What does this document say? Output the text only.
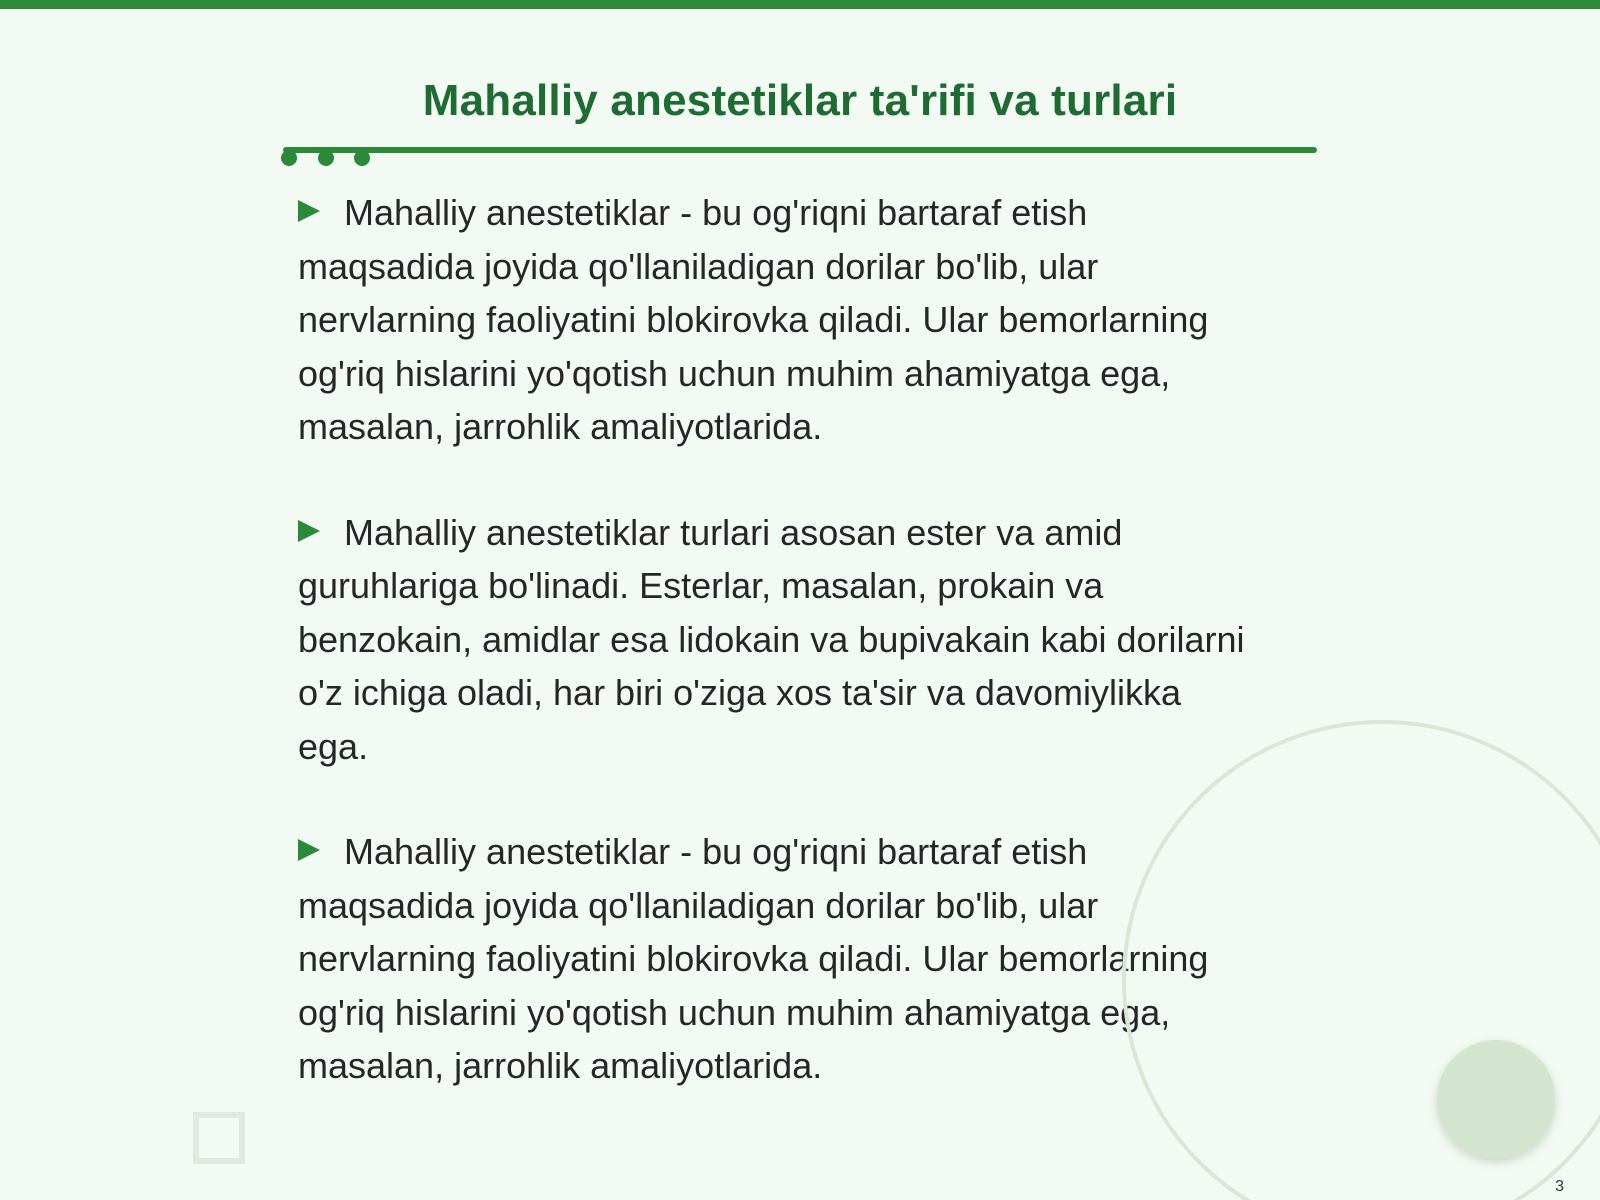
Mahalliy anestetiklar ta'rifi va turlari

Mahalliy anestetiklar - bu og'riqni bartaraf etish maqsadida joyida qo'llaniladigan dorilar bo'lib, ular nervlarning faoliyatini blokirovka qiladi. Ular bemorlarning og'riq hislarini yo'qotish uchun muhim ahamiyatga ega, masalan, jarrohlik amaliyotlarida.

Mahalliy anestetiklar turlari asosan ester va amid guruhlariga bo'linadi. Esterlar, masalan, prokain va benzokain, amidlar esa lidokain va bupivakain kabi dorilarni o'z ichiga oladi, har biri o'ziga xos ta'sir va davomiylikka ega.

Mahalliy anestetiklar - bu og'riqni bartaraf etish maqsadida joyida qo'llaniladigan dorilar bo'lib, ular nervlarning faoliyatini blokirovka qiladi. Ular bemorlarning og'riq hislarini yo'qotish uchun muhim ahamiyatga ega, masalan, jarrohlik amaliyotlarida.

3
